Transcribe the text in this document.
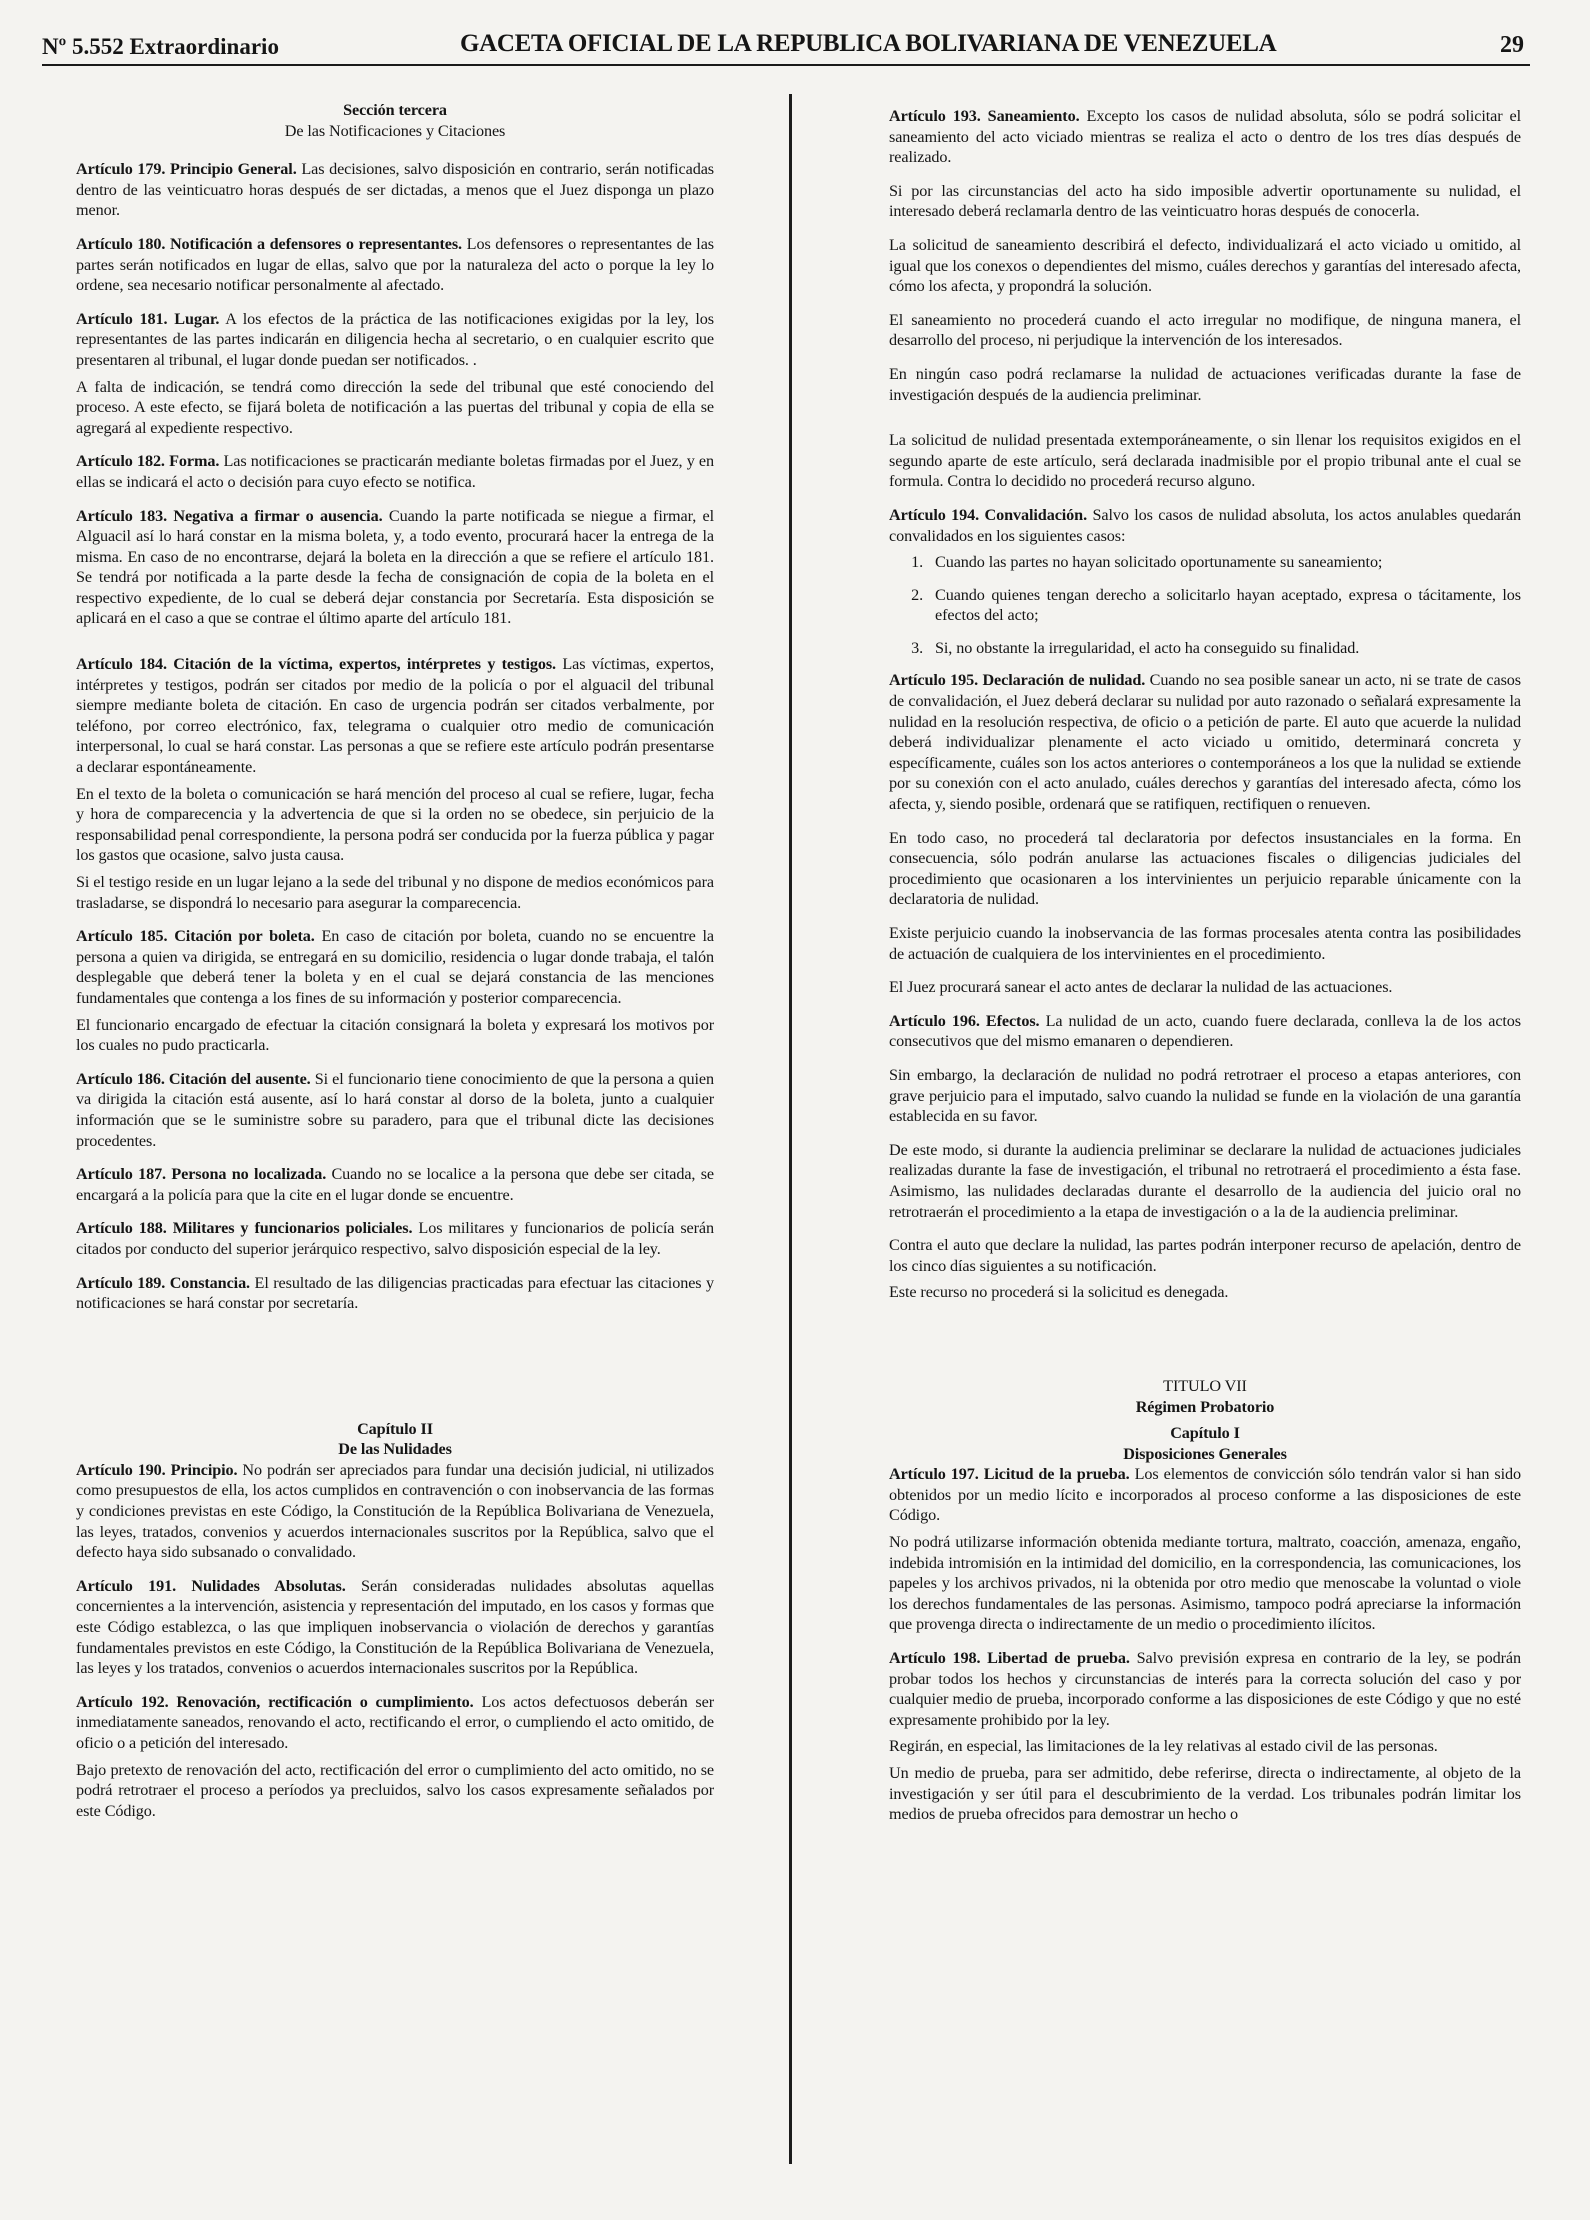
Nº 5.552 Extraordinario	GACETA OFICIAL DE LA REPUBLICA BOLIVARIANA DE VENEZUELA	29

Sección tercera
De las Notificaciones y Citaciones

Artículo 179. Principio General. Las decisiones, salvo disposición en contrario, serán notificadas dentro de las veinticuatro horas después de ser dictadas, a menos que el Juez disponga un plazo menor.

Artículo 180. Notificación a defensores o representantes. Los defensores o representantes de las partes serán notificados en lugar de ellas, salvo que por la naturaleza del acto o porque la ley lo ordene, sea necesario notificar personalmente al afectado.

Artículo 181. Lugar. A los efectos de la práctica de las notificaciones exigidas por la ley, los representantes de las partes indicarán en diligencia hecha al secretario, o en cualquier escrito que presentaren al tribunal, el lugar donde puedan ser notificados. .

A falta de indicación, se tendrá como dirección la sede del tribunal que esté conociendo del proceso. A este efecto, se fijará boleta de notificación a las puertas del tribunal y copia de ella se agregará al expediente respectivo.

Artículo 182. Forma. Las notificaciones se practicarán mediante boletas firmadas por el Juez, y en ellas se indicará el acto o decisión para cuyo efecto se notifica.

Artículo 183. Negativa a firmar o ausencia. Cuando la parte notificada se niegue a firmar, el Alguacil así lo hará constar en la misma boleta, y, a todo evento, procurará hacer la entrega de la misma. En caso de no encontrarse, dejará la boleta en la dirección a que se refiere el artículo 181. Se tendrá por notificada a la parte desde la fecha de consignación de copia de la boleta en el respectivo expediente, de lo cual se deberá dejar constancia por Secretaría. Esta disposición se aplicará en el caso a que se contrae el último aparte del artículo 181.

Artículo 184. Citación de la víctima, expertos, intérpretes y testigos. Las víctimas, expertos, intérpretes y testigos, podrán ser citados por medio de la policía o por el alguacil del tribunal siempre mediante boleta de citación. En caso de urgencia podrán ser citados verbalmente, por teléfono, por correo electrónico, fax, telegrama o cualquier otro medio de comunicación interpersonal, lo cual se hará constar. Las personas a que se refiere este artículo podrán presentarse a declarar espontáneamente.

En el texto de la boleta o comunicación se hará mención del proceso al cual se refiere, lugar, fecha y hora de comparecencia y la advertencia de que si la orden no se obedece, sin perjuicio de la responsabilidad penal correspondiente, la persona podrá ser conducida por la fuerza pública y pagar los gastos que ocasione, salvo justa causa.

Si el testigo reside en un lugar lejano a la sede del tribunal y no dispone de medios económicos para trasladarse, se dispondrá lo necesario para asegurar la comparecencia.

Artículo 185. Citación por boleta. En caso de citación por boleta, cuando no se encuentre la persona a quien va dirigida, se entregará en su domicilio, residencia o lugar donde trabaja, el talón desplegable que deberá tener la boleta y en el cual se dejará constancia de las menciones fundamentales que contenga a los fines de su información y posterior comparecencia.

El funcionario encargado de efectuar la citación consignará la boleta y expresará los motivos por los cuales no pudo practicarla.

Artículo 186. Citación del ausente. Si el funcionario tiene conocimiento de que la persona a quien va dirigida la citación está ausente, así lo hará constar al dorso de la boleta, junto a cualquier información que se le suministre sobre su paradero, para que el tribunal dicte las decisiones procedentes.

Artículo 187. Persona no localizada. Cuando no se localice a la persona que debe ser citada, se encargará a la policía para que la cite en el lugar donde se encuentre.

Artículo 188. Militares y funcionarios policiales. Los militares y funcionarios de policía serán citados por conducto del superior jerárquico respectivo, salvo disposición especial de la ley.

Artículo 189. Constancia. El resultado de las diligencias practicadas para efectuar las citaciones y notificaciones se hará constar por secretaría.

Capítulo II
De las Nulidades

Artículo 190. Principio. No podrán ser apreciados para fundar una decisión judicial, ni utilizados como presupuestos de ella, los actos cumplidos en contravención o con inobservancia de las formas y condiciones previstas en este Código, la Constitución de la República Bolivariana de Venezuela, las leyes, tratados, convenios y acuerdos internacionales suscritos por la República, salvo que el defecto haya sido subsanado o convalidado.

Artículo 191. Nulidades Absolutas. Serán consideradas nulidades absolutas aquellas concernientes a la intervención, asistencia y representación del imputado, en los casos y formas que este Código establezca, o las que impliquen inobservancia o violación de derechos y garantías fundamentales previstos en este Código, la Constitución de la República Bolivariana de Venezuela, las leyes y los tratados, convenios o acuerdos internacionales suscritos por la República.

Artículo 192. Renovación, rectificación o cumplimiento. Los actos defectuosos deberán ser inmediatamente saneados, renovando el acto, rectificando el error, o cumpliendo el acto omitido, de oficio o a petición del interesado.

Bajo pretexto de renovación del acto, rectificación del error o cumplimiento del acto omitido, no se podrá retrotraer el proceso a períodos ya precluidos, salvo los casos expresamente señalados por este Código.

Artículo 193. Saneamiento. Excepto los casos de nulidad absoluta, sólo se podrá solicitar el saneamiento del acto viciado mientras se realiza el acto o dentro de los tres días después de realizado.

Si por las circunstancias del acto ha sido imposible advertir oportunamente su nulidad, el interesado deberá reclamarla dentro de las veinticuatro horas después de conocerla.

La solicitud de saneamiento describirá el defecto, individualizará el acto viciado u omitido, al igual que los conexos o dependientes del mismo, cuáles derechos y garantías del interesado afecta, cómo los afecta, y propondrá la solución.

El saneamiento no procederá cuando el acto irregular no modifique, de ninguna manera, el desarrollo del proceso, ni perjudique la intervención de los interesados.

En ningún caso podrá reclamarse la nulidad de actuaciones verificadas durante la fase de investigación después de la audiencia preliminar.

La solicitud de nulidad presentada extemporáneamente, o sin llenar los requisitos exigidos en el segundo aparte de este artículo, será declarada inadmisible por el propio tribunal ante el cual se formula. Contra lo decidido no procederá recurso alguno.

Artículo 194. Convalidación. Salvo los casos de nulidad absoluta, los actos anulables quedarán convalidados en los siguientes casos:

1. Cuando las partes no hayan solicitado oportunamente su saneamiento;
2. Cuando quienes tengan derecho a solicitarlo hayan aceptado, expresa o tácitamente, los efectos del acto;
3. Si, no obstante la irregularidad, el acto ha conseguido su finalidad.

Artículo 195. Declaración de nulidad. Cuando no sea posible sanear un acto, ni se trate de casos de convalidación, el Juez deberá declarar su nulidad por auto razonado o señalará expresamente la nulidad en la resolución respectiva, de oficio o a petición de parte. El auto que acuerde la nulidad deberá individualizar plenamente el acto viciado u omitido, determinará concreta y específicamente, cuáles son los actos anteriores o contemporáneos a los que la nulidad se extiende por su conexión con el acto anulado, cuáles derechos y garantías del interesado afecta, cómo los afecta, y, siendo posible, ordenará que se ratifiquen, rectifiquen o renueven.

En todo caso, no procederá tal declaratoria por defectos insustanciales en la forma. En consecuencia, sólo podrán anularse las actuaciones fiscales o diligencias judiciales del procedimiento que ocasionaren a los intervinientes un perjuicio reparable únicamente con la declaratoria de nulidad.

Existe perjuicio cuando la inobservancia de las formas procesales atenta contra las posibilidades de actuación de cualquiera de los intervinientes en el procedimiento.

El Juez procurará sanear el acto antes de declarar la nulidad de las actuaciones.

Artículo 196. Efectos. La nulidad de un acto, cuando fuere declarada, conlleva la de los actos consecutivos que del mismo emanaren o dependieren.

Sin embargo, la declaración de nulidad no podrá retrotraer el proceso a etapas anteriores, con grave perjuicio para el imputado, salvo cuando la nulidad se funde en la violación de una garantía establecida en su favor.

De este modo, si durante la audiencia preliminar se declarare la nulidad de actuaciones judiciales realizadas durante la fase de investigación, el tribunal no retrotraerá el procedimiento a ésta fase. Asimismo, las nulidades declaradas durante el desarrollo de la audiencia del juicio oral no retrotraerán el procedimiento a la etapa de investigación o a la de la audiencia preliminar.

Contra el auto que declare la nulidad, las partes podrán interponer recurso de apelación, dentro de los cinco días siguientes a su notificación.

Este recurso no procederá si la solicitud es denegada.

TITULO VII
Régimen Probatorio

Capítulo I
Disposiciones Generales

Artículo 197. Licitud de la prueba. Los elementos de convicción sólo tendrán valor si han sido obtenidos por un medio lícito e incorporados al proceso conforme a las disposiciones de este Código.

No podrá utilizarse información obtenida mediante tortura, maltrato, coacción, amenaza, engaño, indebida intromisión en la intimidad del domicilio, en la correspondencia, las comunicaciones, los papeles y los archivos privados, ni la obtenida por otro medio que menoscabe la voluntad o viole los derechos fundamentales de las personas. Asimismo, tampoco podrá apreciarse la información que provenga directa o indirectamente de un medio o procedimiento ilícitos.

Artículo 198. Libertad de prueba. Salvo previsión expresa en contrario de la ley, se podrán probar todos los hechos y circunstancias de interés para la correcta solución del caso y por cualquier medio de prueba, incorporado conforme a las disposiciones de este Código y que no esté expresamente prohibido por la ley.

Regirán, en especial, las limitaciones de la ley relativas al estado civil de las personas.

Un medio de prueba, para ser admitido, debe referirse, directa o indirectamente, al objeto de la investigación y ser útil para el descubrimiento de la verdad. Los tribunales podrán limitar los medios de prueba ofrecidos para demostrar un hecho o
